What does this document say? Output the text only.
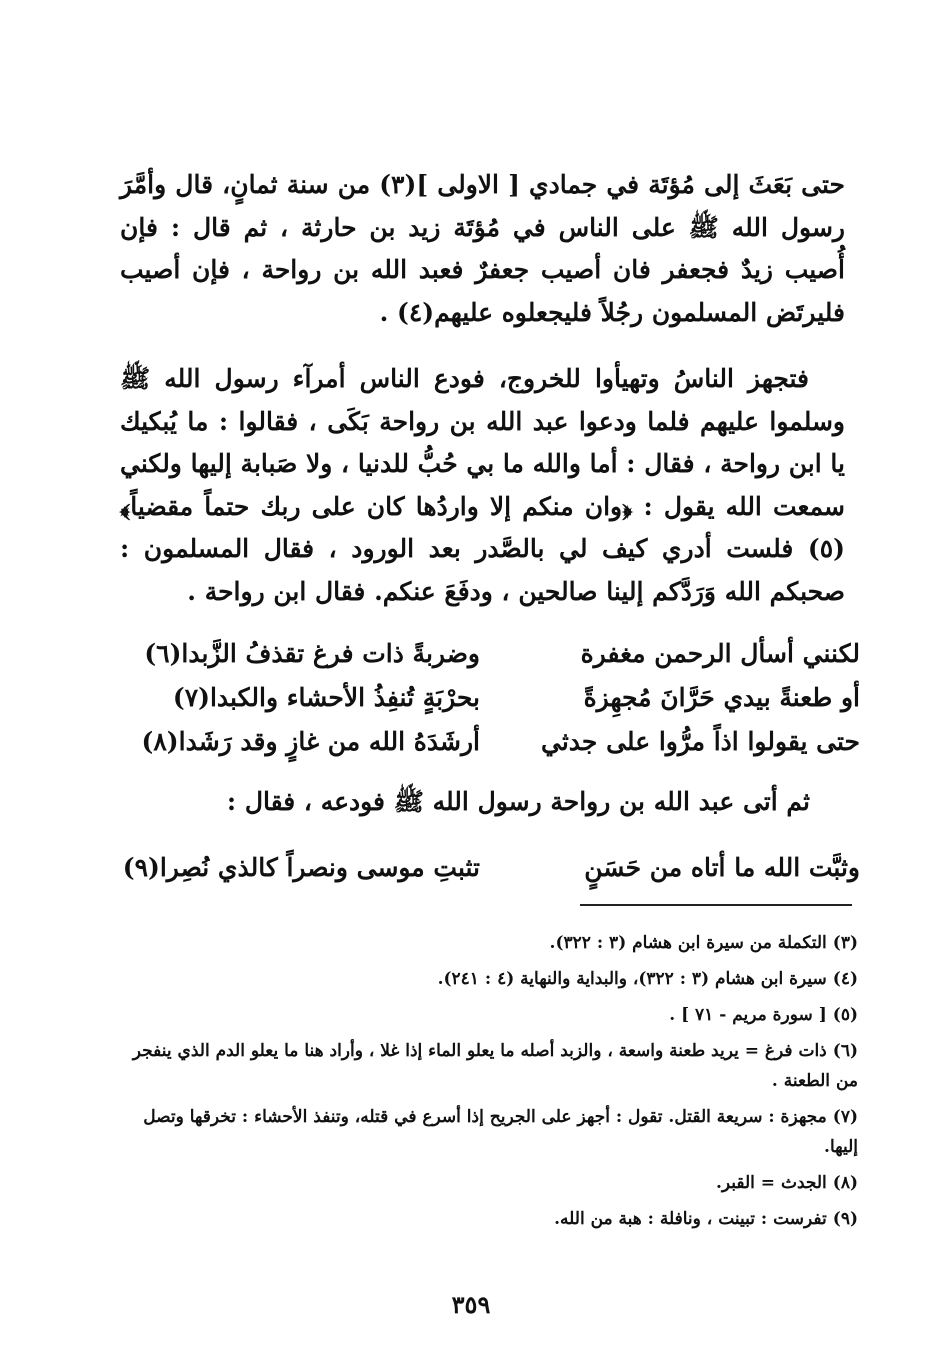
حتى بَعَثَ إلى مُؤتَة في جمادي [ الاولى ](٣) من سنة ثمانٍ، قال وأمَّرَ رسول الله ﷺ على الناس في مُؤتَة زيد بن حارثة ، ثم قال : فإن أُصيب زيدٌ فجعفر فان أصيب جعفرٌ فعبد الله بن رواحة ، فإن أصيب فليرتَض المسلمون رجُلاً فليجعلوه عليهم(٤) .

فتجهز الناسُ وتهيأوا للخروج، فودع الناس أمرآء رسول الله ﷺ وسلموا عليهم فلما ودعوا عبد الله بن رواحة بَكَى ، فقالوا : ما يُبكيك يا ابن رواحة ، فقال : أما والله ما بي حُبُّ للدنيا ، ولا صَبابة إليها ولكني سمعت الله يقول : ﴿وان منكم إلا واردُها كان على ربك حتماً مقضياً﴾(٥) فلست أدري كيف لي بالصَّدر بعد الورود ، فقال المسلمون : صحبكم الله وَرَدَّكم إلينا صالحين ، ودفَعَ عنكم. فقال ابن رواحة .

لكنني أسأل الرحمن مغفرة
وضربةً ذات فرغ تقذفُ الزَّبدا(٦)
أو طعنةً بيدي حَرَّانَ مُجهِزةً
بحرْبَةٍ تُنفِذُ الأحشاء والكبدا(٧)
حتى يقولوا اذاً مرُّوا على جدثي
أرشَدَهُ الله من غازٍ وقد رَشَدا(٨)

ثم أتى عبد الله بن رواحة رسول الله ﷺ فودعه ، فقال :

وثبَّت الله ما أتاه من حَسَنٍ
تثبتِ موسى ونصراً كالذي نُصِرا(٩)

(٣)التكملة من سيرة ابن هشام (٣ : ٣٢٢).

(٤)سيرة ابن هشام (٣ : ٣٢٢)، والبداية والنهاية (٤ : ٢٤١).

(٥)[ سورة مريم - ٧١ ] .

(٦)ذات فرغ = يريد طعنة واسعة ، والزبد أصله ما يعلو الماء إذا غلا ، وأراد هنا ما يعلو الدم الذي ينفجر من الطعنة .

(٧)مجهزة : سريعة القتل. تقول : أجهز على الجريح إذا أسرع في قتله، وتنفذ الأحشاء : تخرقها وتصل إليها.

(٨)الجدث = القبر.

(٩)تفرست : تبينت ، ونافلة : هبة من الله.

٣٥٩
